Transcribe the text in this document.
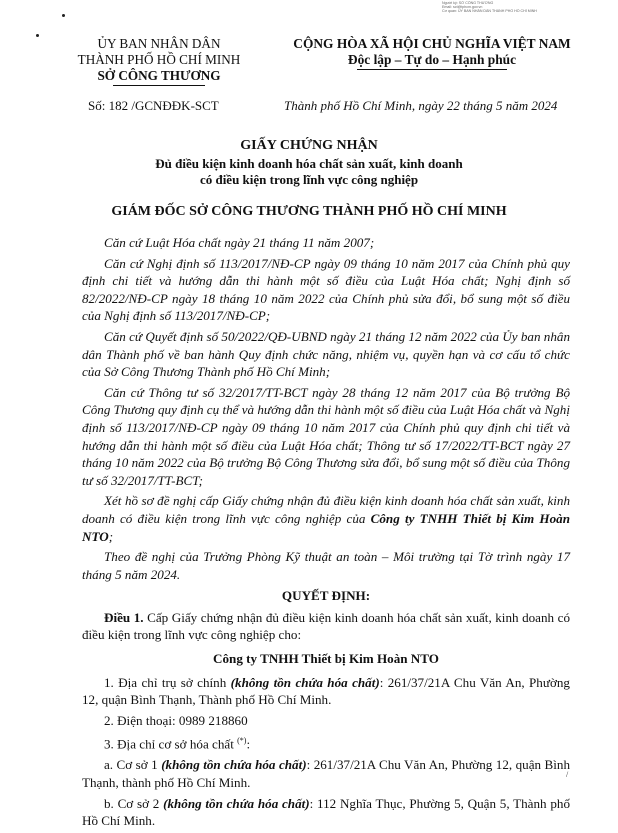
Người ký: SỞ CÔNG THƯƠNG
Email: sct@tphcm.gov.vn
Cơ quan: ỦY BAN NHÂN DÂN THÀNH PHỐ HỒ CHÍ MINH
ỦY BAN NHÂN DÂN
THÀNH PHỐ HỒ CHÍ MINH
SỞ CÔNG THƯƠNG
CỘNG HÒA XÃ HỘI CHỦ NGHĨA VIỆT NAM
Độc lập – Tự do – Hạnh phúc
Số: 182 /GCNĐĐK-SCT	Thành phố Hồ Chí Minh, ngày 22 tháng 5 năm 2024
GIẤY CHỨNG NHẬN
Đủ điều kiện kinh doanh hóa chất sản xuất, kinh doanh
có điều kiện trong lĩnh vực công nghiệp
GIÁM ĐỐC SỞ CÔNG THƯƠNG THÀNH PHỐ HỒ CHÍ MINH

Căn cứ Luật Hóa chất ngày 21 tháng 11 năm 2007;

Căn cứ Nghị định số 113/2017/NĐ-CP ngày 09 tháng 10 năm 2017 của Chính phủ quy định chi tiết và hướng dẫn thi hành một số điều của Luật Hóa chất; Nghị định số 82/2022/NĐ-CP ngày 18 tháng 10 năm 2022 của Chính phủ sửa đổi, bổ sung một số điều của Nghị định số 113/2017/NĐ-CP;

Căn cứ Quyết định số 50/2022/QĐ-UBND ngày 21 tháng 12 năm 2022 của Ủy ban nhân dân Thành phố về ban hành Quy định chức năng, nhiệm vụ, quyền hạn và cơ cấu tổ chức của Sở Công Thương Thành phố Hồ Chí Minh;

Căn cứ Thông tư số 32/2017/TT-BCT ngày 28 tháng 12 năm 2017 của Bộ trưởng Bộ Công Thương quy định cụ thể và hướng dẫn thi hành một số điều của Luật Hóa chất và Nghị định số 113/2017/NĐ-CP ngày 09 tháng 10 năm 2017 của Chính phủ quy định chi tiết và hướng dẫn thi hành một số điều của Luật Hóa chất; Thông tư số 17/2022/TT-BCT ngày 27 tháng 10 năm 2022 của Bộ trưởng Bộ Công Thương sửa đổi, bổ sung một số điều của Thông tư số 32/2017/TT-BCT;

Xét hồ sơ đề nghị cấp Giấy chứng nhận đủ điều kiện kinh doanh hóa chất sản xuất, kinh doanh có điều kiện trong lĩnh vực công nghiệp của Công ty TNHH Thiết bị Kim Hoàn NTO;

Theo đề nghị của Trưởng Phòng Kỹ thuật an toàn – Môi trường tại Tờ trình ngày 17 tháng 5 năm 2024.

QUYẾT ĐỊNH:

Điều 1. Cấp Giấy chứng nhận đủ điều kiện kinh doanh hóa chất sản xuất, kinh doanh có điều kiện trong lĩnh vực công nghiệp cho:

Công ty TNHH Thiết bị Kim Hoàn NTO

1. Địa chỉ trụ sở chính (không tồn chứa hóa chất): 261/37/21A Chu Văn An, Phường 12, quận Bình Thạnh, Thành phố Hồ Chí Minh.

2. Điện thoại: 0989 218860

3. Địa chỉ cơ sở hóa chất (*):

a. Cơ sở 1 (không tồn chứa hóa chất): 261/37/21A Chu Văn An, Phường 12, quận Bình Thạnh, thành phố Hồ Chí Minh.

b. Cơ sở 2 (không tồn chứa hóa chất): 112 Nghĩa Thục, Phường 5, Quận 5, Thành phố Hồ Chí Minh.

/
